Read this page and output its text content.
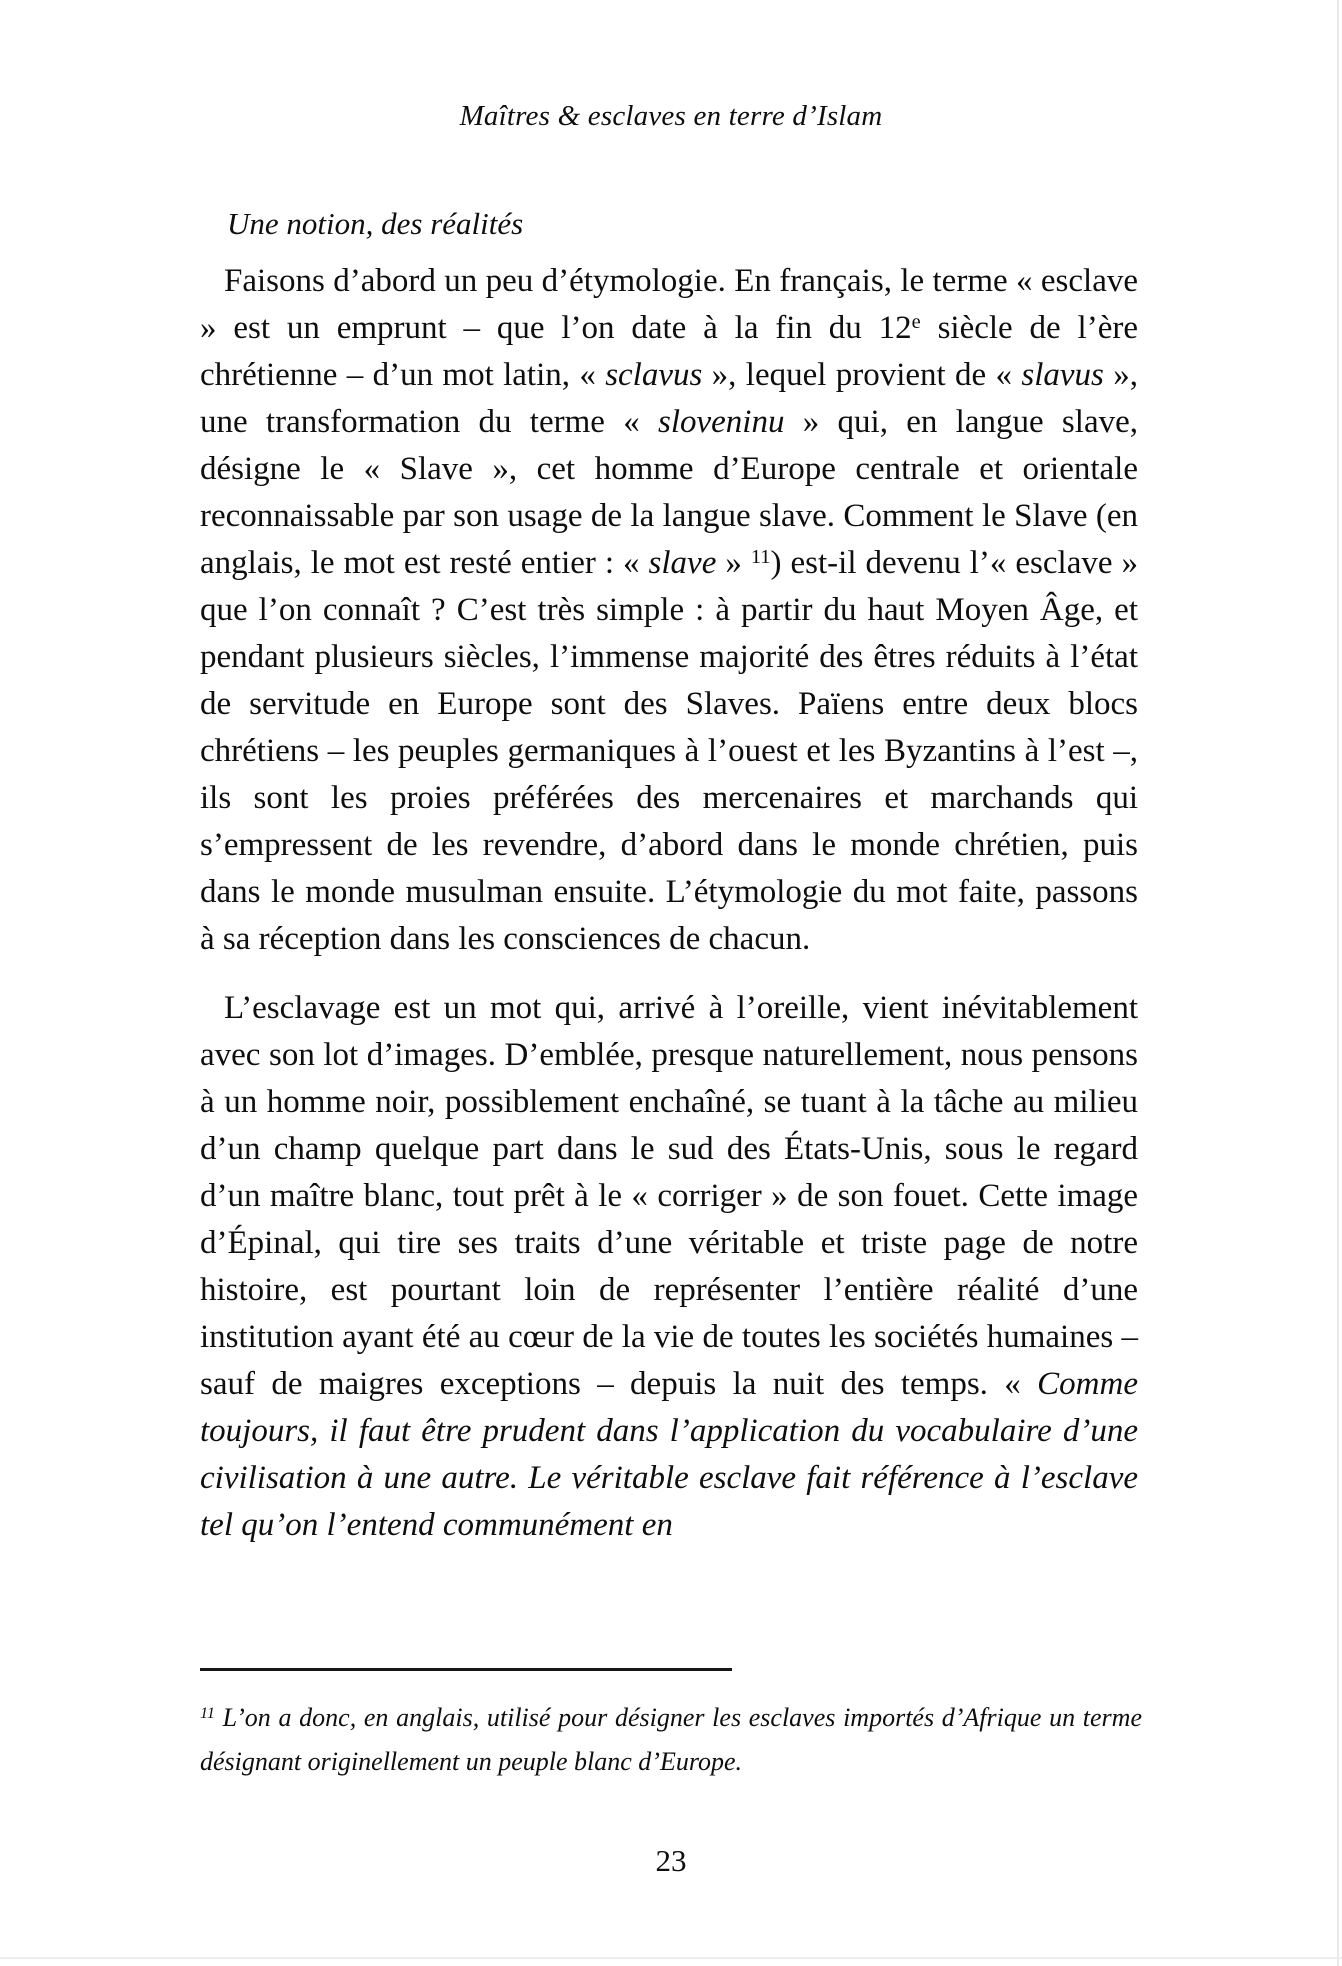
Maîtres & esclaves en terre d’Islam
Une notion, des réalités

Faisons d’abord un peu d’étymologie. En français, le terme « esclave » est un emprunt – que l’on date à la fin du 12e siècle de l’ère chrétienne – d’un mot latin, « sclavus », lequel provient de « slavus », une transformation du terme « sloveninu » qui, en langue slave, désigne le « Slave », cet homme d’Europe centrale et orientale reconnaissable par son usage de la langue slave. Comment le Slave (en anglais, le mot est resté entier : « slave » $^{11}$) est-il devenu l’« esclave » que l’on connaît ? C’est très simple : à partir du haut Moyen Âge, et pendant plusieurs siècles, l’immense majorité des êtres réduits à l’état de servitude en Europe sont des Slaves. Païens entre deux blocs chrétiens – les peuples germaniques à l’ouest et les Byzantins à l’est –, ils sont les proies préférées des mercenaires et marchands qui s’empressent de les revendre, d’abord dans le monde chrétien, puis dans le monde musulman ensuite. L’étymologie du mot faite, passons à sa réception dans les consciences de chacun.

L’esclavage est un mot qui, arrivé à l’oreille, vient inévitablement avec son lot d’images. D’emblée, presque naturellement, nous pensons à un homme noir, possiblement enchaîné, se tuant à la tâche au milieu d’un champ quelque part dans le sud des États-Unis, sous le regard d’un maître blanc, tout prêt à le « corriger » de son fouet. Cette image d’Épinal, qui tire ses traits d’une véritable et triste page de notre histoire, est pourtant loin de représenter l’entière réalité d’une institution ayant été au cœur de la vie de toutes les sociétés humaines – sauf de maigres exceptions – depuis la nuit des temps. « Comme toujours, il faut être prudent dans l’application du vocabulaire d’une civilisation à une autre. Le véritable esclave fait référence à l’esclave tel qu’on l’entend communément en

$^{11}$ L’on a donc, en anglais, utilisé pour désigner les esclaves importés d’Afrique un terme désignant originellement un peuple blanc d’Europe.
23
